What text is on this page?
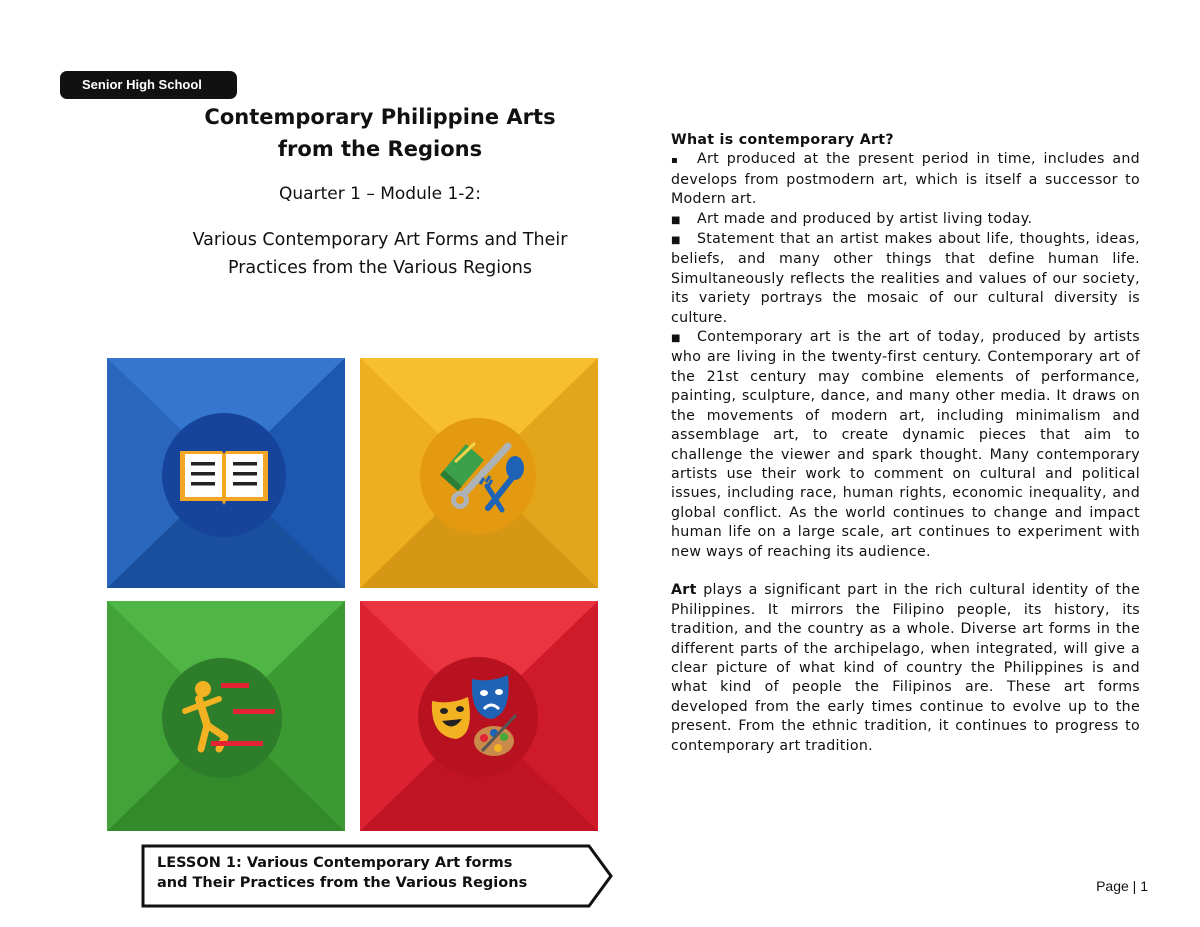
Senior High School
Contemporary Philippine Arts
from the Regions
Quarter 1 – Module 1-2:
Various Contemporary Art Forms and Their
Practices from the Various Regions
LESSON 1: Various Contemporary Art forms
and Their Practices from the Various Regions

What is contemporary Art?

▪ Art produced at the present period in time, includes and develops from postmodern art, which is itself a successor to Modern art.

■ Art made and produced by artist living today.

■ Statement that an artist makes about life, thoughts, ideas, beliefs, and many other things that define human life. Simultaneously reflects the realities and values of our society, its variety portrays the mosaic of our cultural diversity is culture.

■ Contemporary art is the art of today, produced by artists who are living in the twenty-first century. Contemporary art of the 21st century may combine elements of performance, painting, sculpture, dance, and many other media. It draws on the movements of modern art, including minimalism and assemblage art, to create dynamic pieces that aim to challenge the viewer and spark thought. Many contemporary artists use their work to comment on cultural and political issues, including race, human rights, economic inequality, and global conflict. As the world continues to change and impact human life on a large scale, art continues to experiment with new ways of reaching its audience.

Art plays a significant part in the rich cultural identity of the Philippines. It mirrors the Filipino people, its history, its tradition, and the country as a whole. Diverse art forms in the different parts of the archipelago, when integrated, will give a clear picture of what kind of country the Philippines is and what kind of people the Filipinos are. These art forms developed from the early times continue to evolve up to the present. From the ethnic tradition, it continues to progress to contemporary art tradition.

Page | 1
